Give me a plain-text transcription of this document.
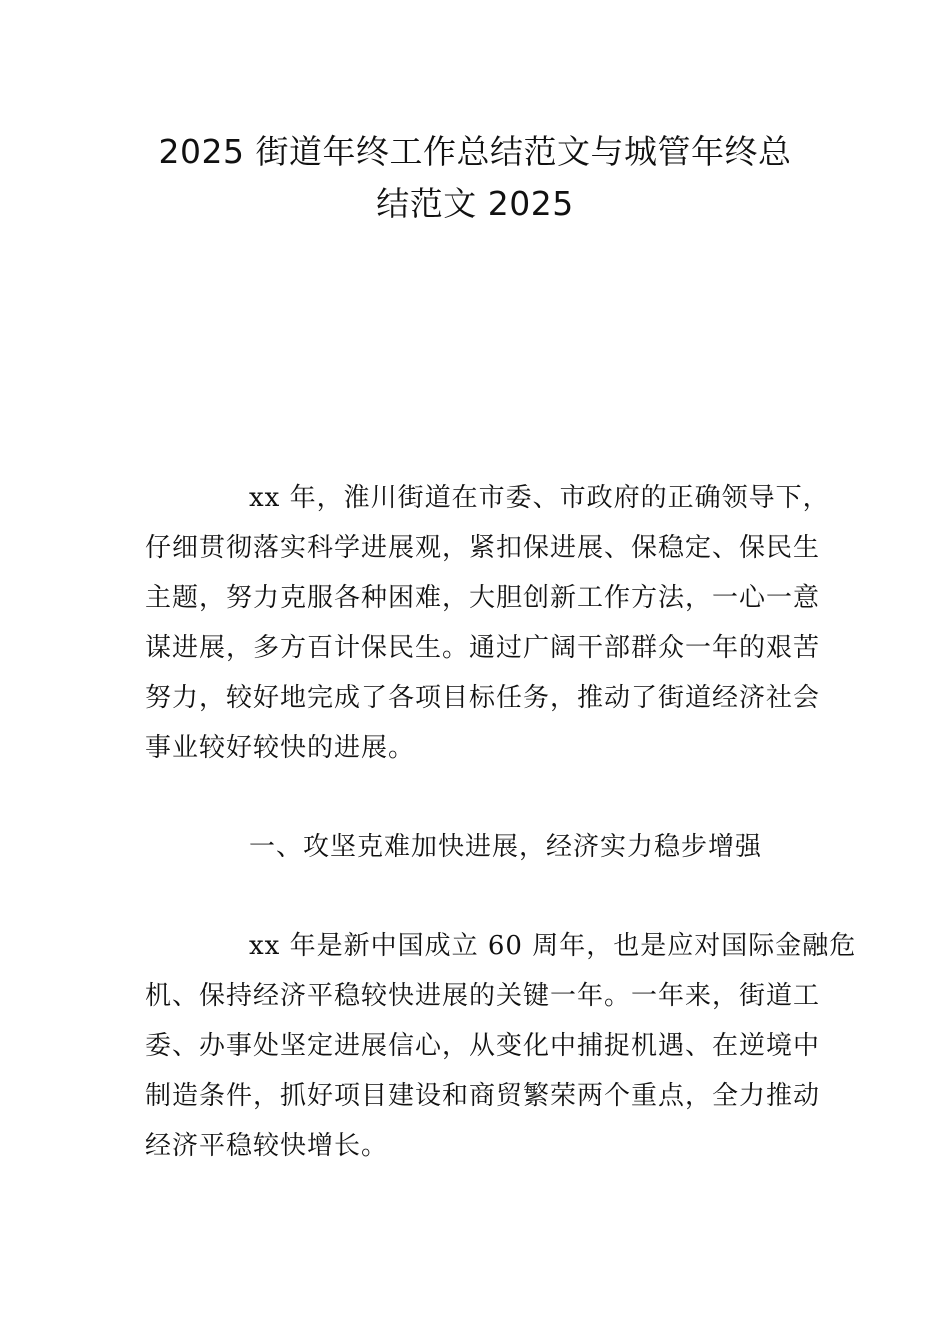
2025 街道年终工作总结范文与城管年终总
结范文 2025

xx 年，淮川街道在市委、市政府的正确领导下，
仔细贯彻落实科学进展观，紧扣保进展、保稳定、保民生
主题，努力克服各种困难，大胆创新工作方法，一心一意
谋进展，多方百计保民生。通过广阔干部群众一年的艰苦
努力，较好地完成了各项目标任务，推动了街道经济社会
事业较好较快的进展。

一、攻坚克难加快进展，经济实力稳步增强

xx 年是新中国成立 60 周年，也是应对国际金融危
机、保持经济平稳较快进展的关键一年。一年来，街道工
委、办事处坚定进展信心，从变化中捕捉机遇、在逆境中
制造条件，抓好项目建设和商贸繁荣两个重点，全力推动
经济平稳较快增长。
